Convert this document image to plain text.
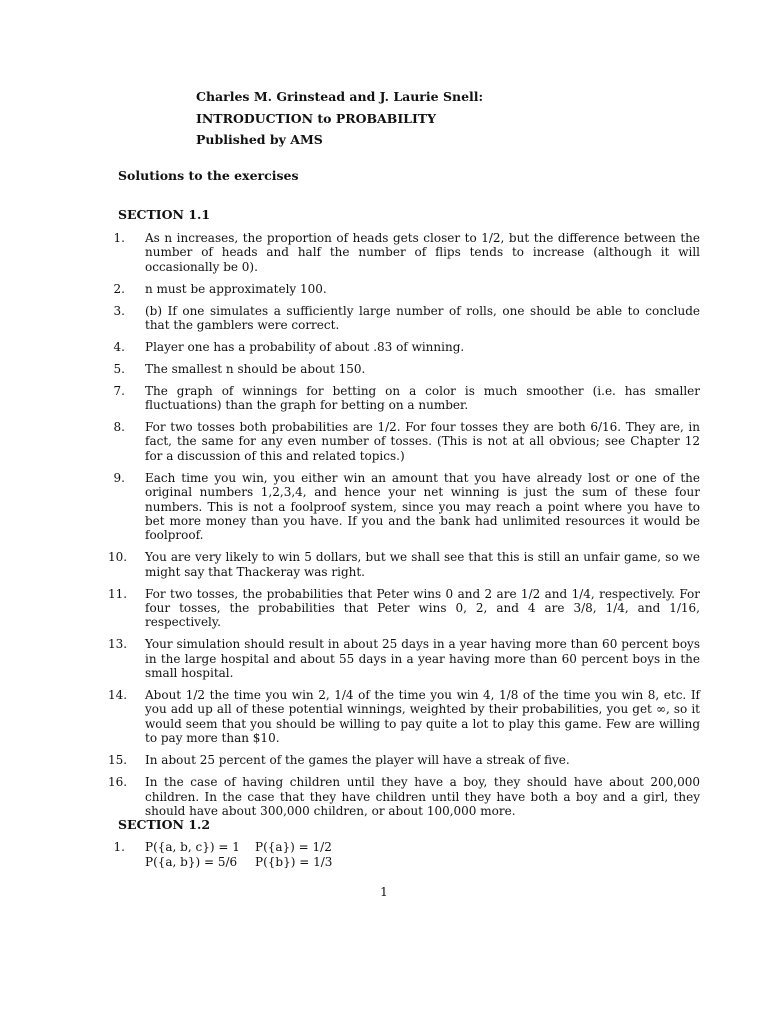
Charles M. Grinstead and J. Laurie Snell:
INTRODUCTION to PROBABILITY
Published by AMS
Solutions to the exercises
SECTION 1.1
1 .	As n increases, the proportion of heads gets closer to 1/2, but the difference between the number of heads and half the number of flips tends to increase (although it will occasionally be 0).
2 .	n must be approximately 100.
3 .	(b) If one simulates a sufficiently large number of rolls, one should be able to conclude that the gamblers were correct.
4 .	Player one has a probability of about .83 of winning.
5 .	The smallest n should be about 150.
7 .	The graph of winnings for betting on a color is much smoother (i.e. has smaller fluctuations) than the graph for betting on a number.
8 .	For two tosses both probabilities are 1/2. For four tosses they are both 6/16. They are, in fact, the same for any even number of tosses. (This is not at all obvious; see Chapter 12 for a discussion of this and related topics.)
9 .	Each time you win, you either win an amount that you have already lost or one of the original numbers 1,2,3,4, and hence your net winning is just the sum of these four numbers. This is not a foolproof system, since you may reach a point where you have to bet more money than you have. If you and the bank had unlimited resources it would be foolproof.
10 . You are very likely to win 5 dollars, but we shall see that this is still an unfair game, so we might say that Thackeray was right.
11 . For two tosses, the probabilities that Peter wins 0 and 2 are 1/2 and 1/4, respectively. For four tosses, the probabilities that Peter wins 0, 2, and 4 are 3/8, 1/4, and 1/16, respectively.
13 . Your simulation should result in about 25 days in a year having more than 60 percent boys in the large hospital and about 55 days in a year having more than 60 percent boys in the small hospital.
14 . About 1/2 the time you win 2, 1/4 of the time you win 4, 1/8 of the time you win 8, etc. If you add up all of these potential winnings, weighted by their probabilities, you get ∞, so it would seem that you should be willing to pay quite a lot to play this game. Few are willing to pay more than $10.
15 . In about 25 percent of the games the player will have a streak of five.
16 . In the case of having children until they have a boy, they should have about 200,000 children. In the case that they have children until they have both a boy and a girl, they should have about 300,000 children, or about 100,000 more.
SECTION 1.2
1 .	P({a, b, c}) = 1	P({a}) = 1/2
P({a, b}) = 5/6	P({b}) = 1/3
1
